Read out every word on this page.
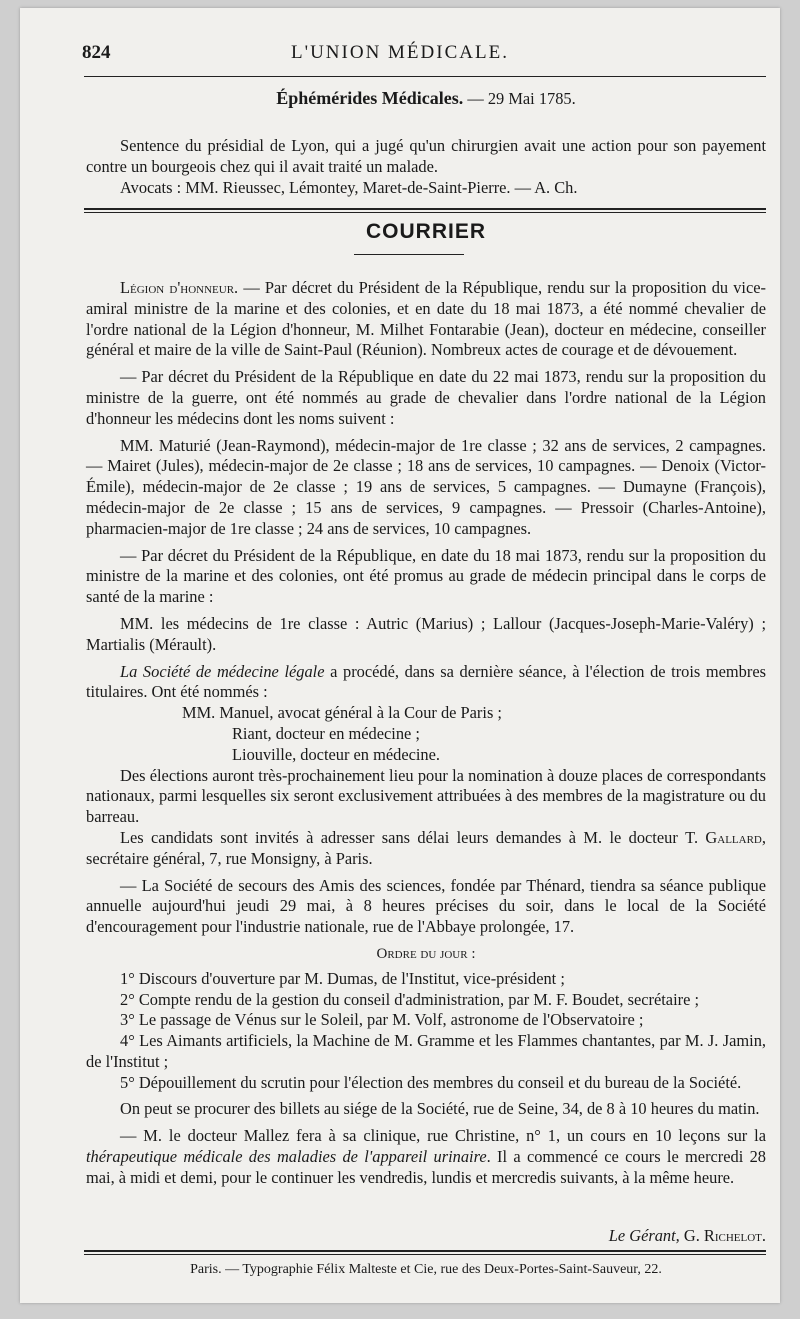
824	L'UNION MÉDICALE.
Éphémérides Médicales. — 29 Mai 1785.

Sentence du présidial de Lyon, qui a jugé qu'un chirurgien avait une action pour son payement contre un bourgeois chez qui il avait traité un malade.

Avocats : MM. Rieussec, Lémontey, Maret-de-Saint-Pierre. — A. Ch.

COURRIER

Légion d'honneur. — Par décret du Président de la République, rendu sur la proposition du vice-amiral ministre de la marine et des colonies, et en date du 18 mai 1873, a été nommé chevalier de l'ordre national de la Légion d'honneur, M. Milhet Fontarabie (Jean), docteur en médecine, conseiller général et maire de la ville de Saint-Paul (Réunion). Nombreux actes de courage et de dévouement.

— Par décret du Président de la République en date du 22 mai 1873, rendu sur la proposition du ministre de la guerre, ont été nommés au grade de chevalier dans l'ordre national de la Légion d'honneur les médecins dont les noms suivent :

MM. Maturié (Jean-Raymond), médecin-major de 1re classe ; 32 ans de services, 2 campagnes. — Mairet (Jules), médecin-major de 2e classe ; 18 ans de services, 10 campagnes. — Denoix (Victor-Émile), médecin-major de 2e classe ; 19 ans de services, 5 campagnes. — Dumayne (François), médecin-major de 2e classe ; 15 ans de services, 9 campagnes. — Pressoir (Charles-Antoine), pharmacien-major de 1re classe ; 24 ans de services, 10 campagnes.

— Par décret du Président de la République, en date du 18 mai 1873, rendu sur la proposition du ministre de la marine et des colonies, ont été promus au grade de médecin principal dans le corps de santé de la marine :

MM. les médecins de 1re classe : Autric (Marius) ; Lallour (Jacques-Joseph-Marie-Valéry) ; Martialis (Mérault).

La Société de médecine légale a procédé, dans sa dernière séance, à l'élection de trois membres titulaires. Ont été nommés :

MM. Manuel, avocat général à la Cour de Paris ;

Riant, docteur en médecine ;

Liouville, docteur en médecine.

Des élections auront très-prochainement lieu pour la nomination à douze places de correspondants nationaux, parmi lesquelles six seront exclusivement attribuées à des membres de la magistrature ou du barreau.

Les candidats sont invités à adresser sans délai leurs demandes à M. le docteur T. Gallard, secrétaire général, 7, rue Monsigny, à Paris.

— La Société de secours des Amis des sciences, fondée par Thénard, tiendra sa séance publique annuelle aujourd'hui jeudi 29 mai, à 8 heures précises du soir, dans le local de la Société d'encouragement pour l'industrie nationale, rue de l'Abbaye prolongée, 17.

Ordre du jour :

1° Discours d'ouverture par M. Dumas, de l'Institut, vice-président ;

2° Compte rendu de la gestion du conseil d'administration, par M. F. Boudet, secrétaire ;

3° Le passage de Vénus sur le Soleil, par M. Volf, astronome de l'Observatoire ;

4° Les Aimants artificiels, la Machine de M. Gramme et les Flammes chantantes, par M. J. Jamin, de l'Institut ;

5° Dépouillement du scrutin pour l'élection des membres du conseil et du bureau de la Société.

On peut se procurer des billets au siége de la Société, rue de Seine, 34, de 8 à 10 heures du matin.

— M. le docteur Mallez fera à sa clinique, rue Christine, n° 1, un cours en 10 leçons sur la thérapeutique médicale des maladies de l'appareil urinaire. Il a commencé ce cours le mercredi 28 mai, à midi et demi, pour le continuer les vendredis, lundis et mercredis suivants, à la même heure.

Le Gérant, G. Richelot.
Paris. — Typographie Félix Malteste et Cie, rue des Deux-Portes-Saint-Sauveur, 22.
